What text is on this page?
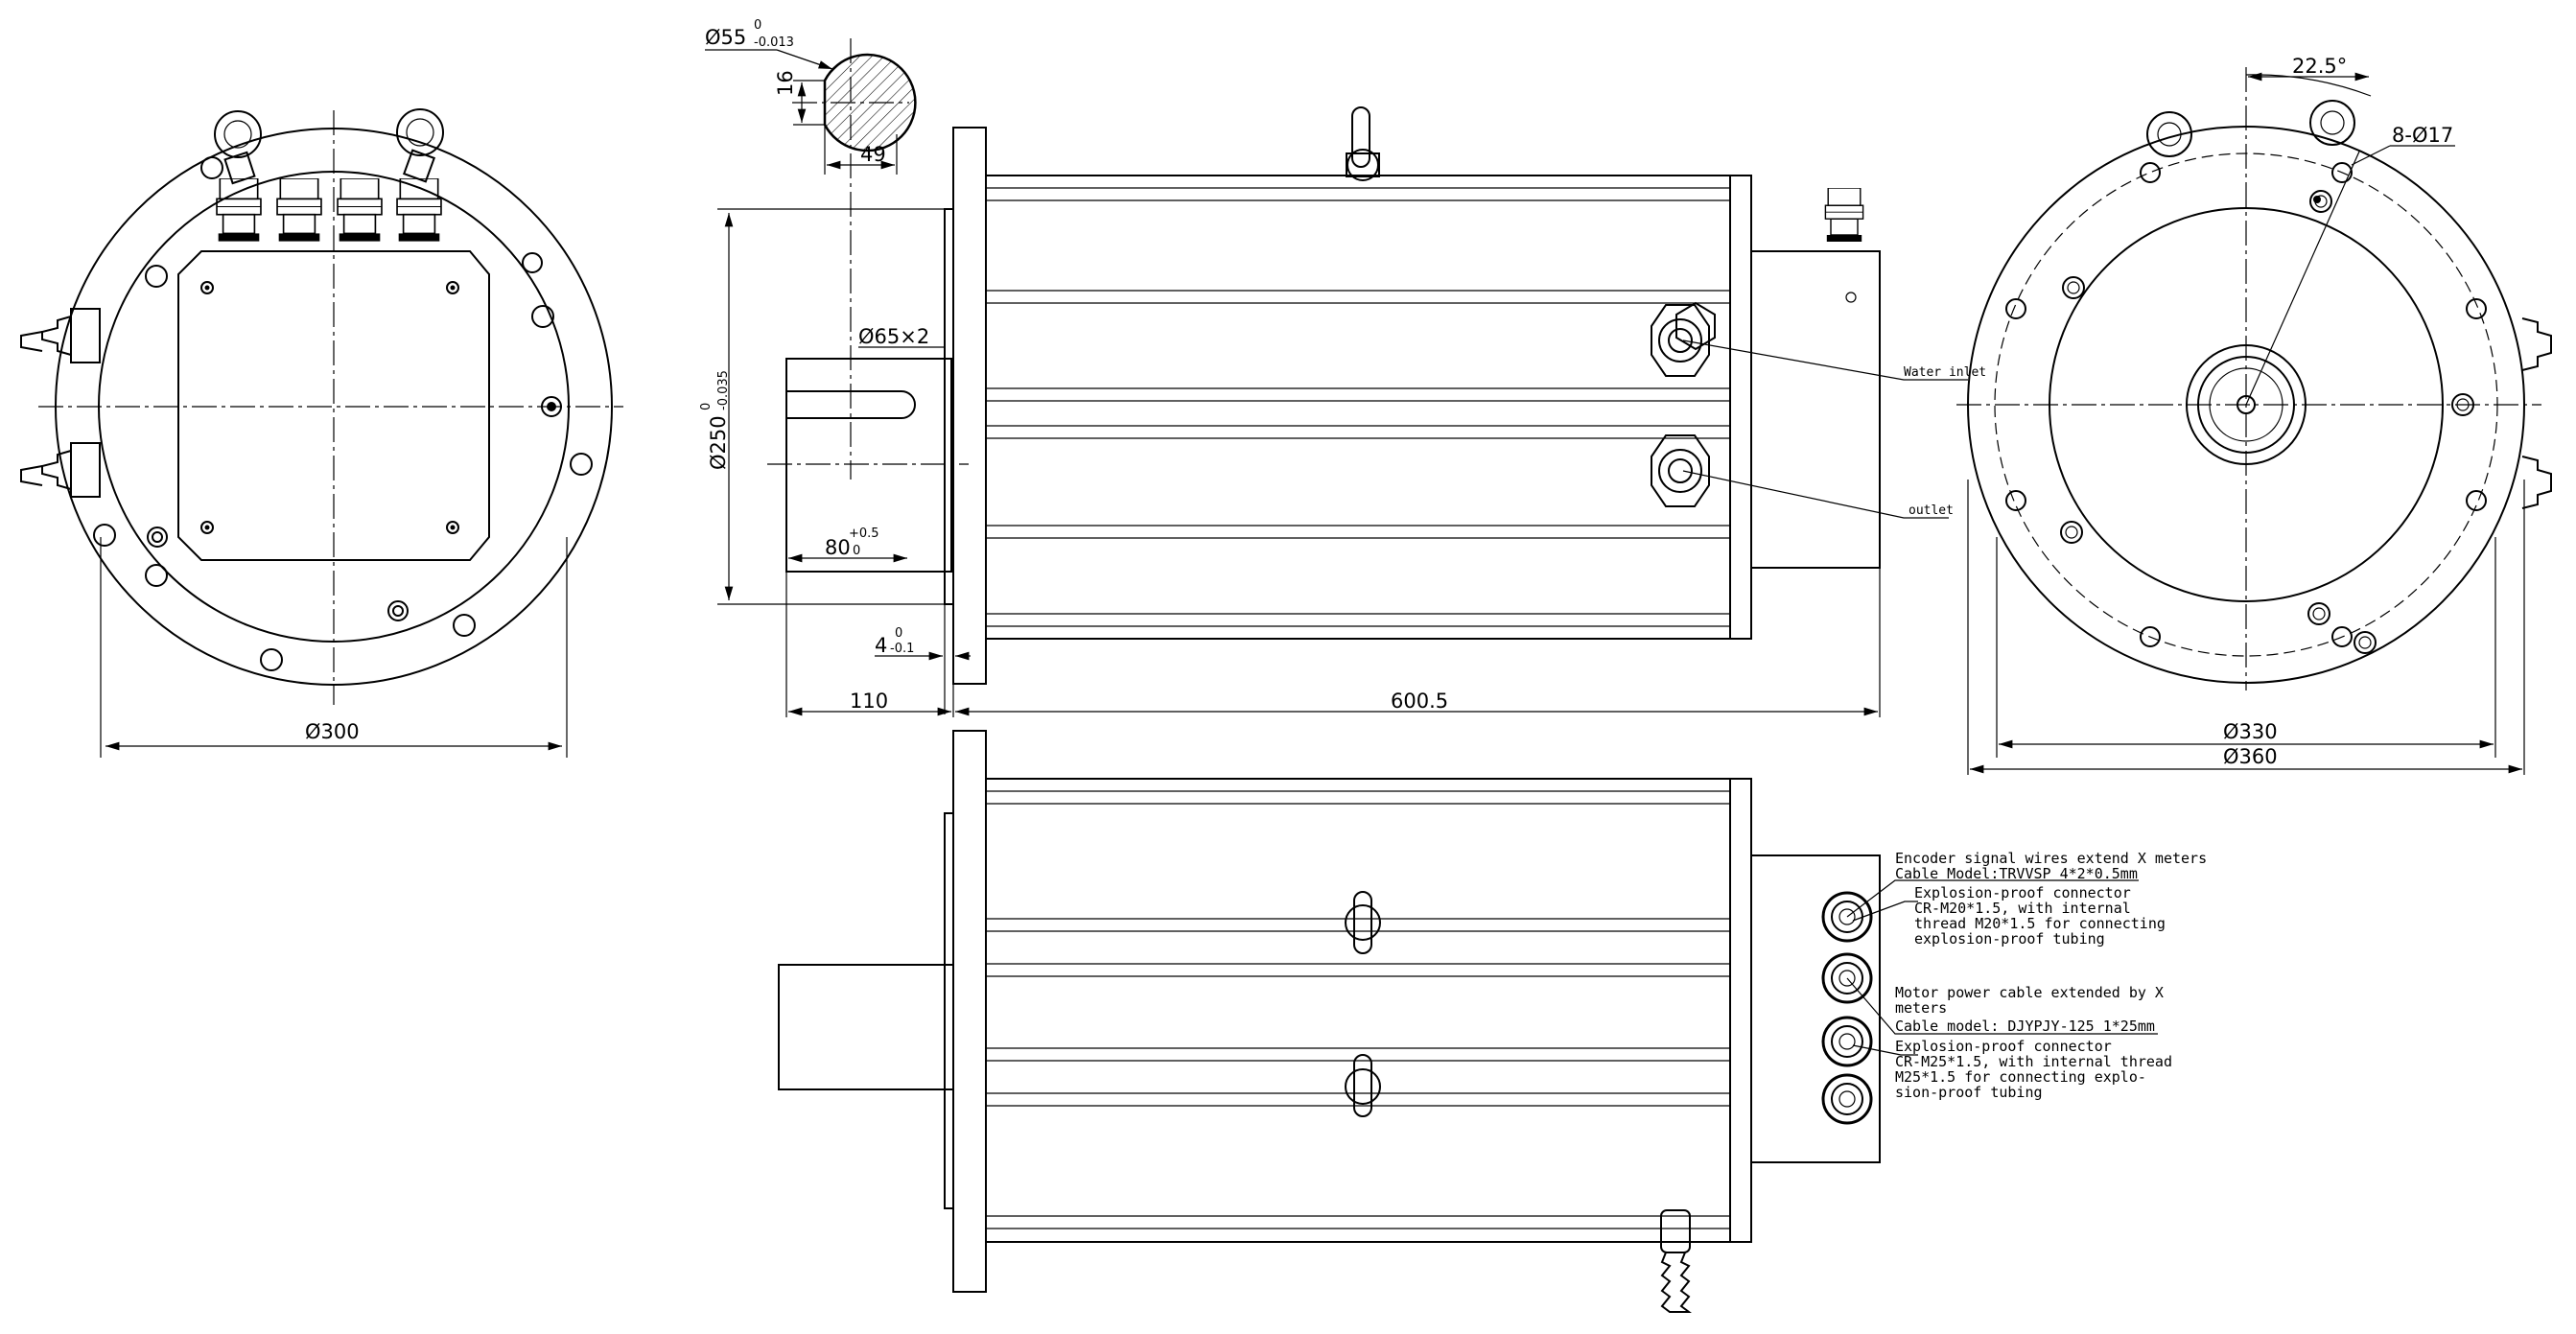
Ø300
16
49
Ø55
0
-0.013
Water inlet
outlet
Ø250
0 -0.035
Ø65×2
80
+0.5
0
4
0
-0.1
110	600.5
22.5°
8-Ø17
Ø330
Ø360
Encoder signal wires extend X meters
Cable Model:TRVVSP 4*2*0.5mm
Explosion-proof connector
CR-M20*1.5, with internal
thread M20*1.5 for connecting
explosion-proof tubing
Motor power cable extended by X
meters
Cable model: DJYPJY-125 1*25mm
Explosion-proof connector
CR-M25*1.5, with internal thread
M25*1.5 for connecting explo-
sion-proof tubing
